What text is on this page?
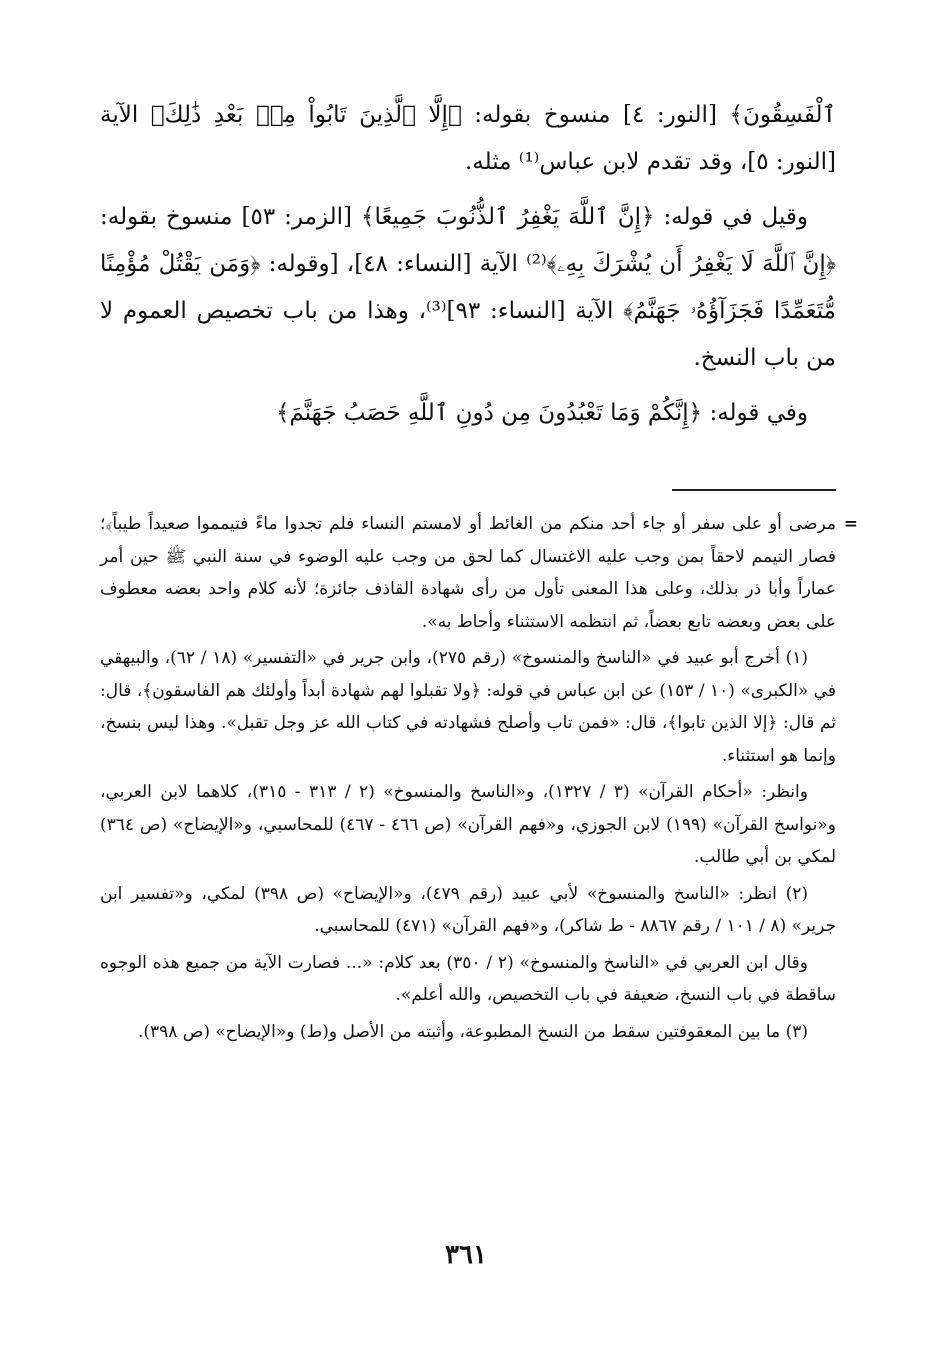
ٱلْفَسِقُونَ﴾ [النور: ٤] منسوخ بقوله: ﴿إِلَّا ٱلَّذِينَ تَابُواْ مِنۢ بَعْدِ ذَٰلِكَ﴾ الآية [النور: ٥]، وقد تقدم لابن عباس⁽¹⁾ مثله.

وقيل في قوله: ﴿إِنَّ ٱللَّهَ يَغْفِرُ ٱلذُّنُوبَ جَمِيعًا﴾ [الزمر: ٥٣] منسوخ بقوله: ﴿إِنَّ ٱللَّهَ لَا يَغْفِرُ أَن يُشْرَكَ بِهِۦ﴾⁽²⁾ الآية [النساء: ٤٨]، [وقوله: ﴿وَمَن يَقْتُلْ مُؤْمِنًا مُّتَعَمِّدًا فَجَزَآؤُهُۥ جَهَنَّمُ﴾ الآية [النساء: ٩٣]⁽³⁾، وهذا من باب تخصيص العموم لا من باب النسخ.

وفي قوله: ﴿إِنَّكُمْ وَمَا تَعْبُدُونَ مِن دُونِ ٱللَّهِ حَصَبُ جَهَنَّمَ﴾

=
مرضى أو على سفر أو جاء أحد منكم من الغائط أو لامستم النساء فلم تجدوا ماءً فتيمموا صعيداً طيباً﴾؛ فصار التيمم لاحقاً بمن وجب عليه الاغتسال كما لحق من وجب عليه الوضوء في سنة النبي ﷺ حين أمر عماراً وأبا ذر بذلك، وعلى هذا المعنى تأول من رأى شهادة القاذف جائزة؛ لأنه كلام واحد بعضه معطوف على بعض وبعضه تابع بعضاً، ثم انتظمه الاستثناء وأحاط به».

(١) أخرج أبو عبيد في «الناسخ والمنسوخ» (رقم ٢٧٥)، وابن جرير في «التفسير» (١٨ / ٦٢)، والبيهقي في «الكبرى» (١٠ / ١٥٣) عن ابن عباس في قوله: ﴿ولا تقبلوا لهم شهادة أبداً وأولئك هم الفاسقون﴾، قال: ثم قال: ﴿إلا الذين تابوا﴾، قال: «فمن تاب وأصلح فشهادته في كتاب الله عز وجل تقبل». وهذا ليس بنسخ، وإنما هو استثناء.

وانظر: «أحكام القرآن» (٣ / ١٣٢٧)، و«الناسخ والمنسوخ» (٢ / ٣١٣ - ٣١٥)، كلاهما لابن العربي، و«نواسخ القرآن» (١٩٩) لابن الجوزي، و«فهم القرآن» (ص ٤٦٦ - ٤٦٧) للمحاسبي، و«الإيضاح» (ص ٣٦٤) لمكي بن أبي طالب.

(٢) انظر: «الناسخ والمنسوخ» لأبي عبيد (رقم ٤٧٩)، و«الإيضاح» (ص ٣٩٨) لمكي، و«تفسير ابن جرير» (٨ / ١٠١ / رقم ٨٨٦٧ - ط شاكر)، و«فهم القرآن» (٤٧١) للمحاسبي.

وقال ابن العربي في «الناسخ والمنسوخ» (٢ / ٣٥٠) بعد كلام: «... فصارت الآية من جميع هذه الوجوه ساقطة في باب النسخ، ضعيفة في باب التخصيص، والله أعلم».

(٣) ما بين المعقوفتين سقط من النسخ المطبوعة، وأثبته من الأصل و(ط) و«الإيضاح» (ص ٣٩٨).

٣٦١
